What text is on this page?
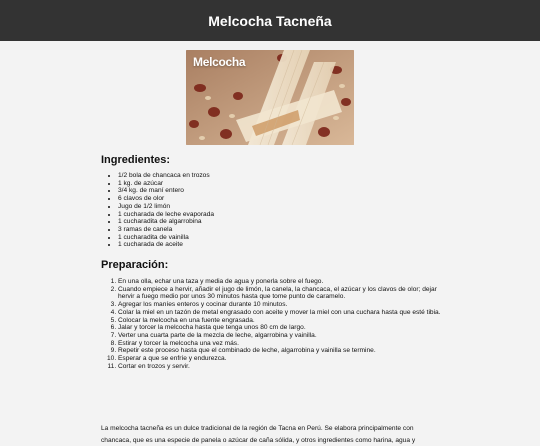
Melcocha Tacneña
Melcocha
Ingredientes:
• 1/2 bola de chancaca en trozos
• 1 kg. de azúcar
• 3/4 kg. de maní entero
• 6 clavos de olor
• Jugo de 1/2 limón
• 1 cucharada de leche evaporada
• 1 cucharadita de algarrobina
• 3 ramas de canela
• 1 cucharadita de vainilla
• 1 cucharada de aceite
Preparación:
1. En una olla, echar una taza y media de agua y ponerla sobre el fuego.
2. Cuando empiece a hervir, añadir el jugo de limón, la canela, la chancaca, el azúcar y los clavos de olor; dejar hervir a fuego medio por unos 30 minutos hasta que tome punto de caramelo.
3. Agregar los maníes enteros y cocinar durante 10 minutos.
4. Colar la miel en un tazón de metal engrasado con aceite y mover la miel con una cuchara hasta que esté tibia.
5. Colocar la melcocha en una fuente engrasada.
6. Jalar y torcer la melcocha hasta que tenga unos 80 cm de largo.
7. Verter una cuarta parte de la mezcla de leche, algarrobina y vainilla.
8. Estirar y torcer la melcocha una vez más.
9. Repetir este proceso hasta que el combinado de leche, algarrobina y vainilla se termine.
10. Esperar a que se enfríe y endurezca.
11. Cortar en trozos y servir.

La melcocha tacneña es un dulce tradicional de la región de Tacna en Perú. Se elabora principalmente con chancaca, que es una especie de panela o azúcar de caña sólida, y otros ingredientes como harina, agua y
